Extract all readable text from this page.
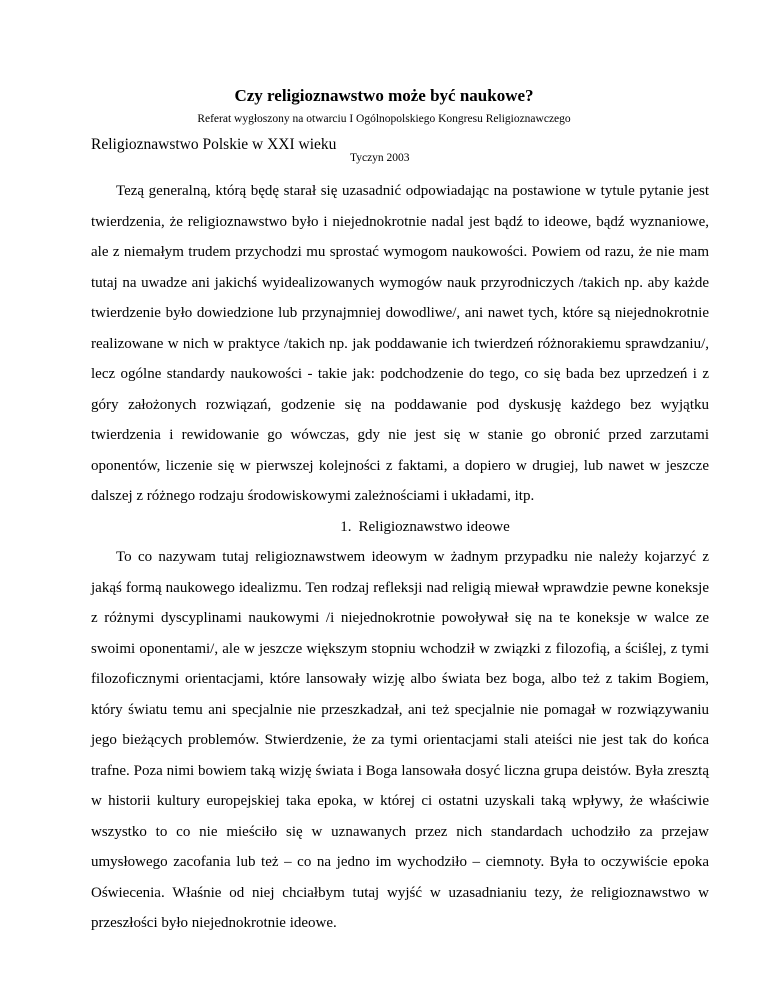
Czy religioznawstwo może być naukowe?
Referat wygłoszony na otwarciu I Ogólnopolskiego Kongresu Religioznawczego
Religioznawstwo Polskie w XXI wieku
Tyczyn 2003

Tezą generalną, którą będę starał się uzasadnić odpowiadając na postawione w tytule pytanie jest twierdzenia, że religioznawstwo było i niejednokrotnie nadal jest bądź to ideowe, bądź wyznaniowe, ale z niemałym trudem przychodzi mu sprostać wymogom naukowości. Powiem od razu, że nie mam tutaj na uwadze ani jakichś wyidealizowanych wymogów nauk przyrodniczych /takich np. aby każde twierdzenie było dowiedzione lub przynajmniej dowodliwe/, ani nawet tych, które są niejednokrotnie realizowane w nich w praktyce /takich np. jak poddawanie ich twierdzeń różnorakiemu sprawdzaniu/, lecz ogólne standardy naukowości - takie jak: podchodzenie do tego, co się bada bez uprzedzeń i z góry założonych rozwiązań, godzenie się na poddawanie pod dyskusję każdego bez wyjątku twierdzenia i rewidowanie go wówczas, gdy nie jest się w stanie go obronić przed zarzutami oponentów, liczenie się w pierwszej kolejności z faktami, a dopiero w drugiej, lub nawet w jeszcze dalszej z różnego rodzaju środowiskowymi zależnościami i układami, itp.

1. Religioznawstwo ideowe

To co nazywam tutaj religioznawstwem ideowym w żadnym przypadku nie należy kojarzyć z jakąś formą naukowego idealizmu. Ten rodzaj refleksji nad religią miewał wprawdzie pewne koneksje z różnymi dyscyplinami naukowymi /i niejednokrotnie powoływał się na te koneksje w walce ze swoimi oponentami/, ale w jeszcze większym stopniu wchodził w związki z filozofią, a ściślej, z tymi filozoficznymi orientacjami, które lansowały wizję albo świata bez boga, albo też z takim Bogiem, który światu temu ani specjalnie nie przeszkadzał, ani też specjalnie nie pomagał w rozwiązywaniu jego bieżących problemów. Stwierdzenie, że za tymi orientacjami stali ateiści nie jest tak do końca trafne. Poza nimi bowiem taką wizję świata i Boga lansowała dosyć liczna grupa deistów. Była zresztą w historii kultury europejskiej taka epoka, w której ci ostatni uzyskali taką wpływy, że właściwie wszystko to co nie mieściło się w uznawanych przez nich standardach uchodziło za przejaw umysłowego zacofania lub też – co na jedno im wychodziło – ciemnoty. Była to oczywiście epoka Oświecenia. Właśnie od niej chciałbym tutaj wyjść w uzasadnianiu tezy, że religioznawstwo w przeszłości było niejednokrotnie ideowe.
